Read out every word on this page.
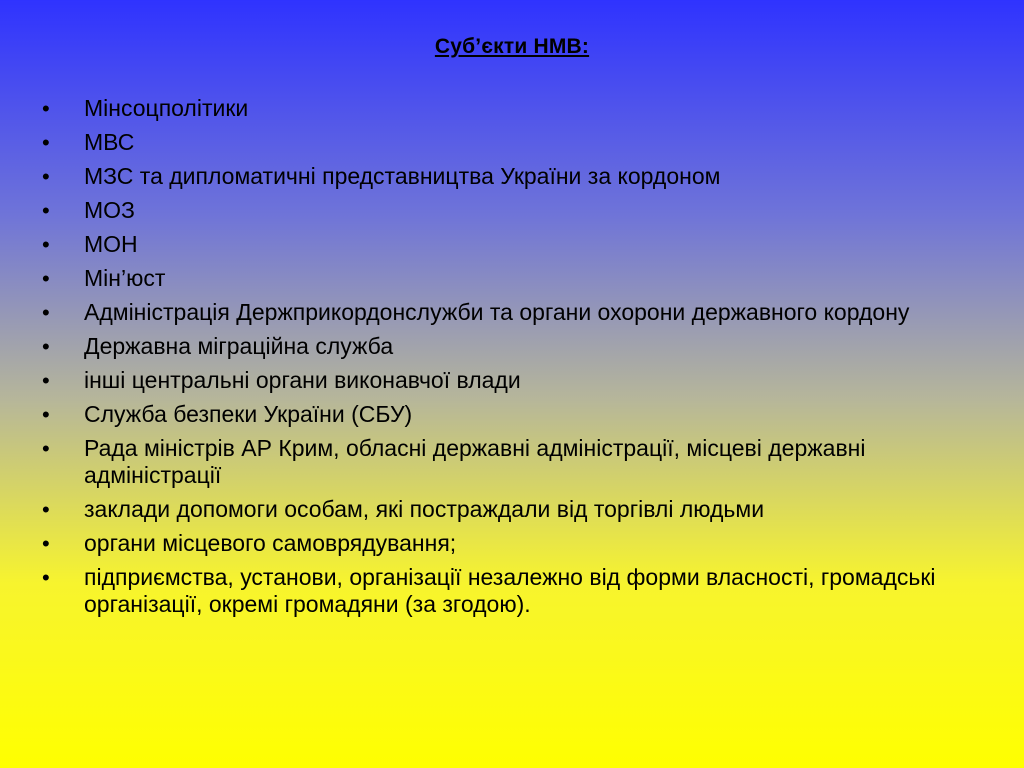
Суб’єкти НМВ:
•	Мінсоцполітики
•	МВС
•	МЗС та дипломатичні представництва України за кордоном
•	МОЗ
•	МОН
•	Мін’юст
•	Адміністрація Держприкордонслужби та органи охорони державного кордону
•	Державна міграційна служба
•	інші центральні органи виконавчої влади
•	Служба безпеки України (СБУ)
•	Рада міністрів АР Крим, обласні державні адміністрації, місцеві державні адміністрації
•	заклади допомоги особам, які постраждали від торгівлі людьми
•	органи місцевого самоврядування;
•	підприємства, установи, організації незалежно від форми власності, громадські організації, окремі громадяни (за згодою).
